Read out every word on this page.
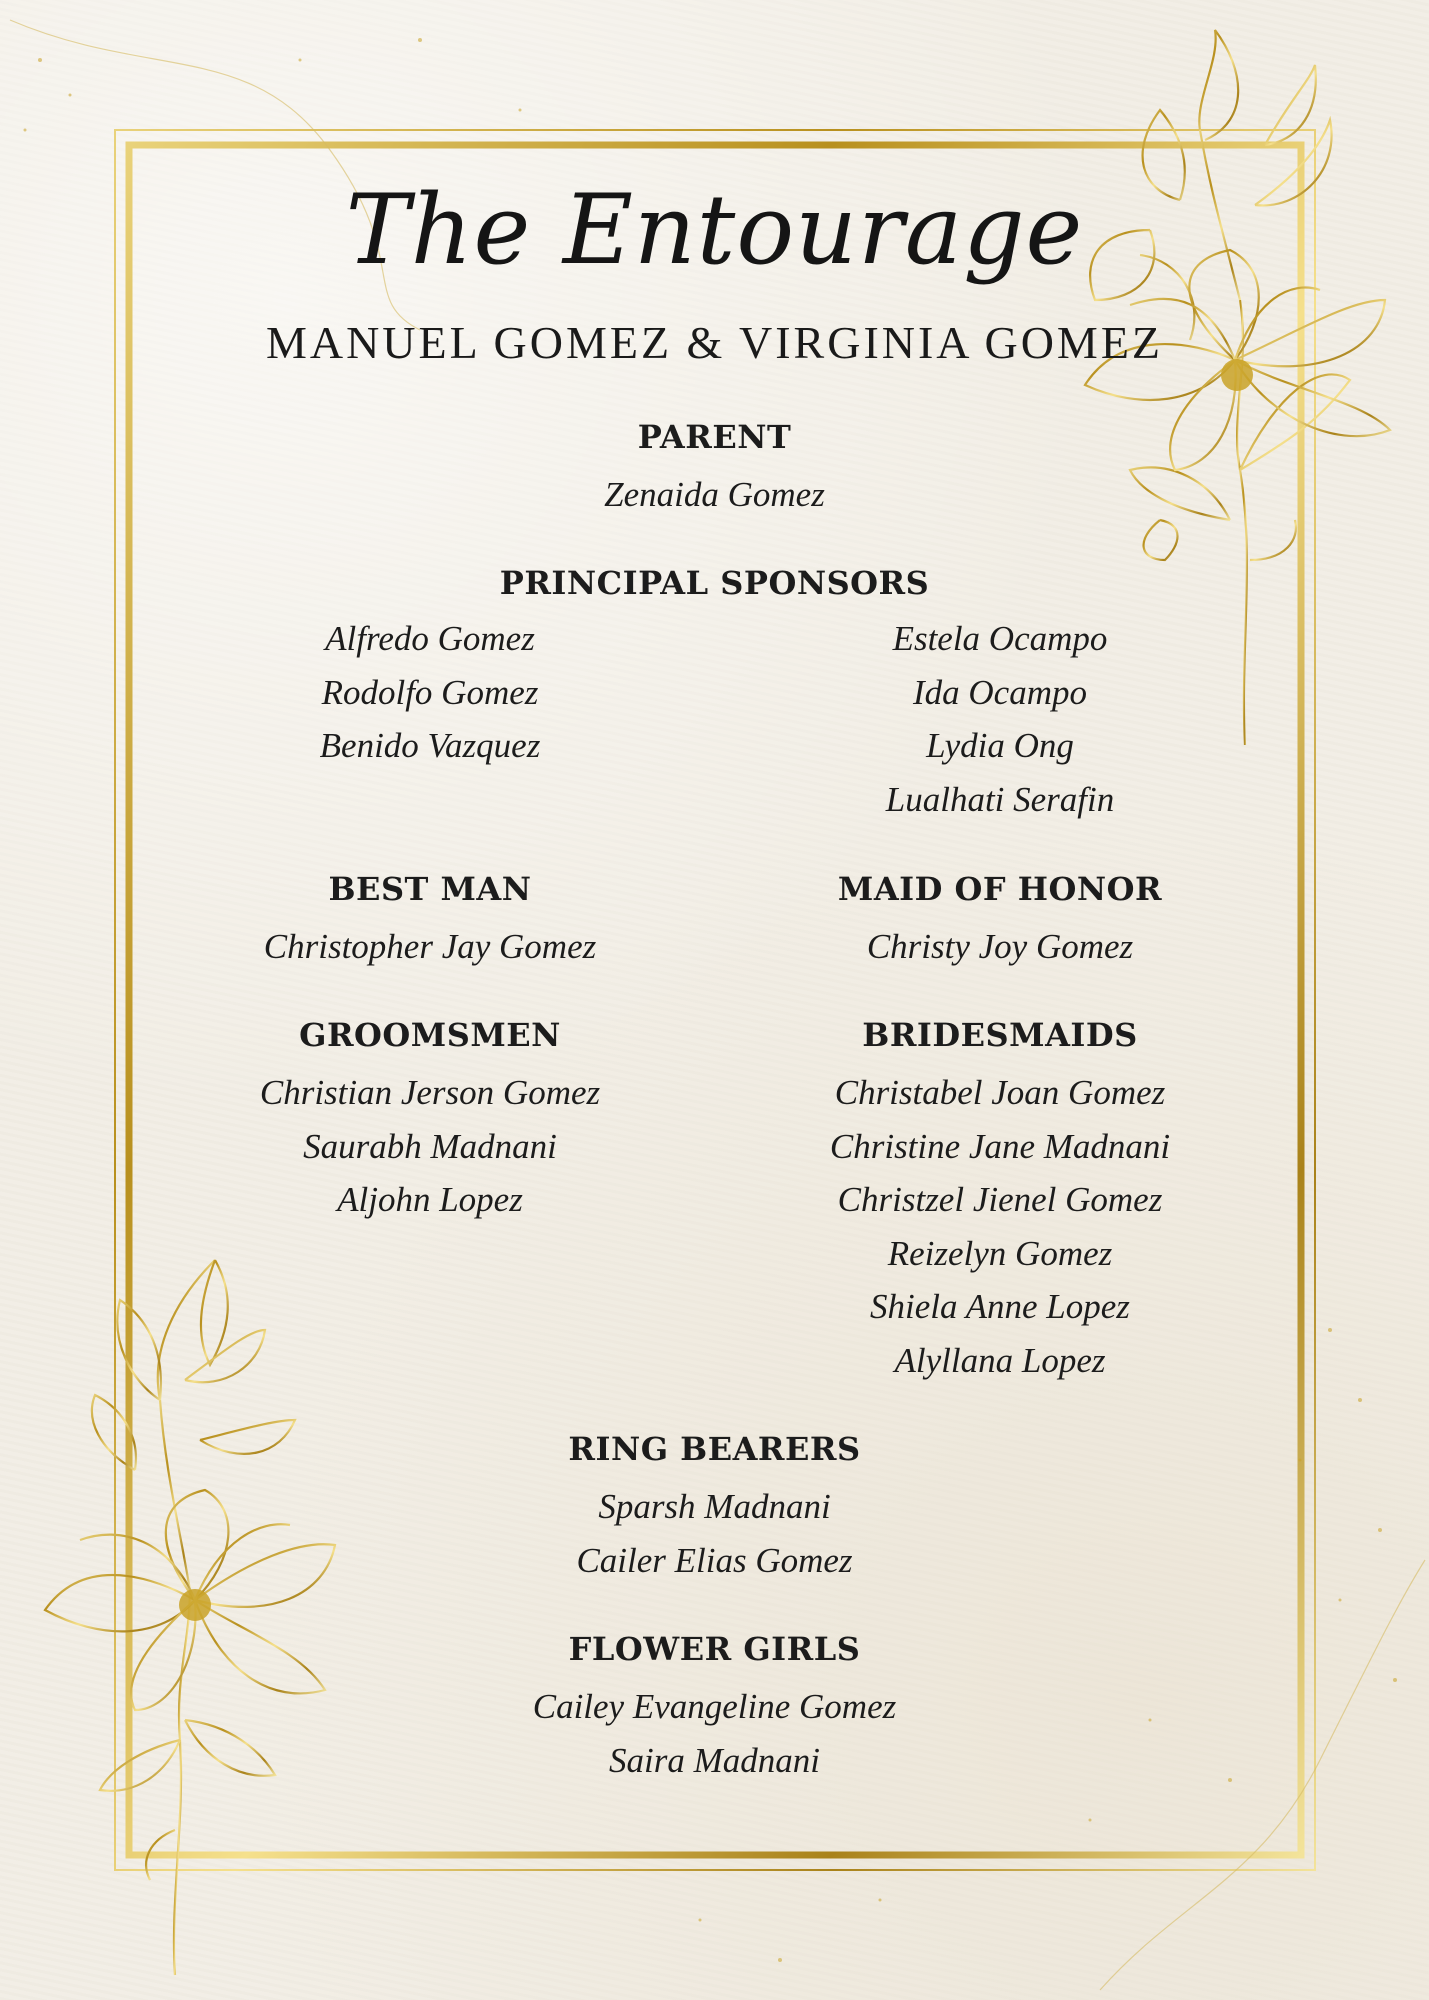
The Entourage
MANUEL GOMEZ & VIRGINIA GOMEZ
PARENT
Zenaida Gomez
PRINCIPAL SPONSORS
Alfredo Gomez
Rodolfo Gomez
Benido Vazquez
Estela Ocampo
Ida Ocampo
Lydia Ong
Lualhati Serafin
BEST MAN
Christopher Jay Gomez
MAID OF HONOR
Christy Joy Gomez
GROOMSMEN
Christian Jerson Gomez
Saurabh Madnani
Aljohn Lopez
BRIDESMAIDS
Christabel Joan Gomez
Christine Jane Madnani
Christzel Jienel Gomez
Reizelyn Gomez
Shiela Anne Lopez
Alyllana Lopez
RING BEARERS
Sparsh Madnani
Cailer Elias Gomez
FLOWER GIRLS
Cailey Evangeline Gomez
Saira Madnani
